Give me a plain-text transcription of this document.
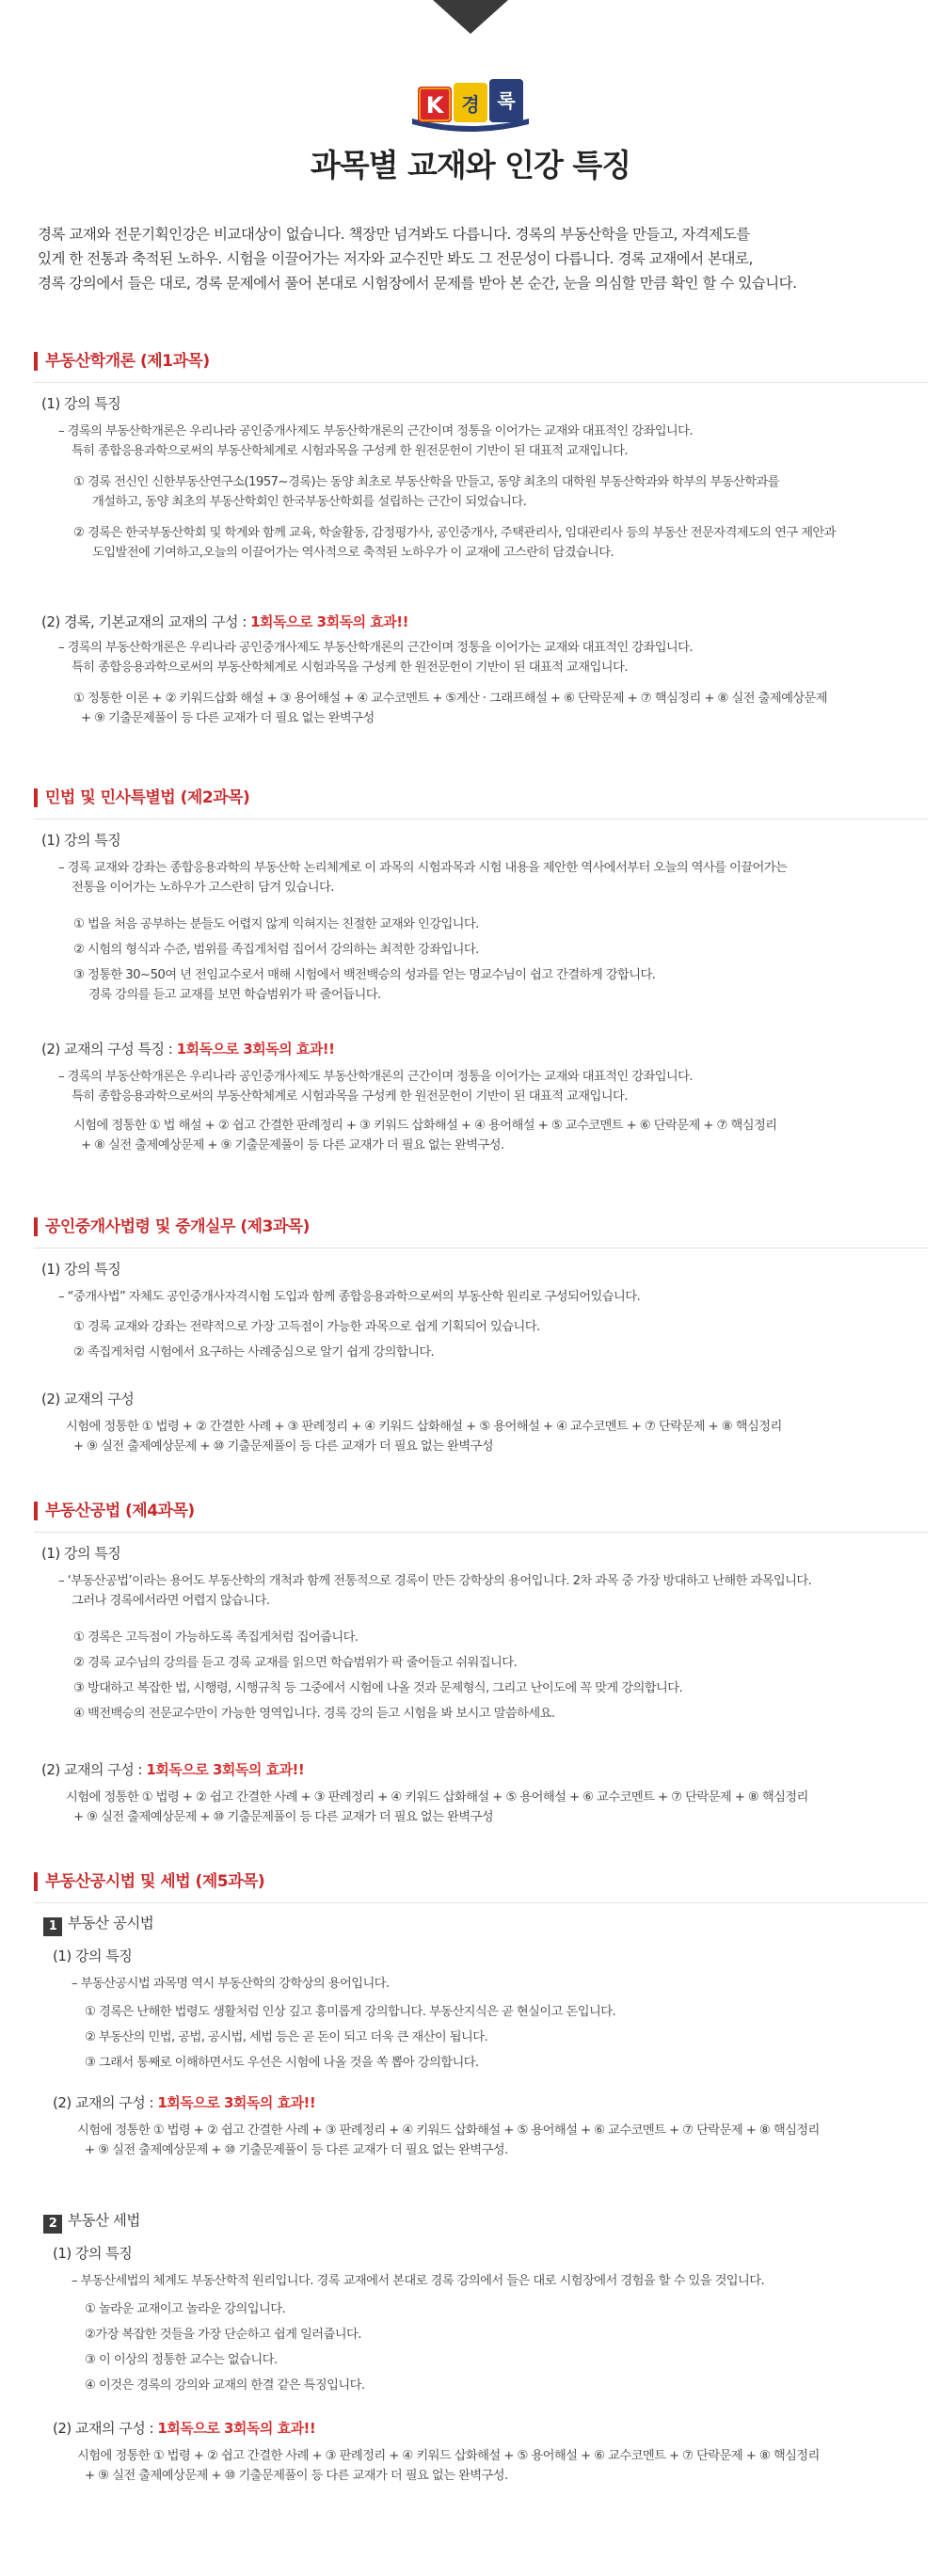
K 경 록
과목별 교재와 인강 특징

경록 교재와 전문기획인강은 비교대상이 없습니다. 책장만 넘겨봐도 다릅니다. 경록의 부동산학을 만들고, 자격제도를

있게 한 전통과 축적된 노하우. 시험을 이끌어가는 저자와 교수진만 봐도 그 전문성이 다릅니다. 경록 교재에서 본대로,

경록 강의에서 들은 대로, 경록 문제에서 풀어 본대로 시험장에서 문제를 받아 본 순간, 눈을 의심할 만큼 확인 할 수 있습니다.

부동산학개론 (제1과목)
(1) 강의 특징
– 경록의 부동산학개론은 우리나라 공인중개사제도 부동산학개론의 근간이며 정통을 이어가는 교재와 대표적인 강좌입니다.
특히 종합응용과학으로써의 부동산학체계로 시험과목을 구성케 한 원전문헌이 기반이 된 대표적 교재입니다.
① 경록 전신인 신한부동산연구소(1957~경록)는 동양 최초로 부동산학을 만들고, 동양 최초의 대학원 부동산학과와 학부의 부동산학과를
개설하고, 동양 최초의 부동산학회인 한국부동산학회를 설립하는 근간이 되었습니다.
② 경록은 한국부동산학회 및 학계와 함께 교육, 학술활동, 감정평가사, 공인중개사, 주택관리사, 임대관리사 등의 부동산 전문자격제도의 연구 제안과
도입발전에 기여하고,오늘의 이끌어가는 역사적으로 축적된 노하우가 이 교재에 고스란히 담겼습니다.
(2) 경록, 기본교재의 교재의 구성 : 1회독으로 3회독의 효과!!
– 경록의 부동산학개론은 우리나라 공인중개사제도 부동산학개론의 근간이며 정통을 이어가는 교재와 대표적인 강좌입니다.
특히 종합응용과학으로써의 부동산학체계로 시험과목을 구성케 한 원전문헌이 기반이 된 대표적 교재입니다.
① 정통한 이론 + ② 키워드삽화 해설 + ③ 용어해설 + ④ 교수코멘트 + ⑤계산 · 그래프해설 + ⑥ 단락문제 + ⑦ 핵심정리 + ⑧ 실전 출제예상문제
+ ⑨ 기출문제풀이 등 다른 교재가 더 필요 없는 완벽구성
민법 및 민사특별법 (제2과목)
(1) 강의 특징
– 경록 교재와 강좌는 종합응용과학의 부동산학 논리체계로 이 과목의 시험과목과 시험 내용을 제안한 역사에서부터 오늘의 역사를 이끌어가는
전통을 이어가는 노하우가 고스란히 담겨 있습니다.
① 법을 처음 공부하는 분들도 어렵지 않게 익혀지는 친절한 교재와 인강입니다.
② 시험의 형식과 수준, 범위를 족집게처럼 집어서 강의하는 최적한 강좌입니다.
③ 정통한 30~50여 년 전임교수로서 매해 시험에서 백전백승의 성과를 얻는 명교수님이 쉽고 간결하게 강합니다.
경록 강의를 듣고 교재를 보면 학습범위가 팍 줄어듭니다.
(2) 교재의 구성 특징 : 1회독으로 3회독의 효과!!
– 경록의 부동산학개론은 우리나라 공인중개사제도 부동산학개론의 근간이며 정통을 이어가는 교재와 대표적인 강좌입니다.
특히 종합응용과학으로써의 부동산학체계로 시험과목을 구성케 한 원전문헌이 기반이 된 대표적 교재입니다.
시험에 정통한 ① 법 해설 + ② 쉽고 간결한 판례정리 + ③ 키워드 삽화해설 + ④ 용어해설 + ⑤ 교수코멘트 + ⑥ 단락문제 + ⑦ 핵심정리
+ ⑧ 실전 출제예상문제 + ⑨ 기출문제풀이 등 다른 교재가 더 필요 없는 완벽구성.
공인중개사법령 및 중개실무 (제3과목)
(1) 강의 특징
– “중개사법” 자체도 공인중개사자격시험 도입과 함께 종합응용과학으로써의 부동산학 원리로 구성되어있습니다.
① 경록 교재와 강좌는 전략적으로 가장 고득점이 가능한 과목으로 쉽게 기획되어 있습니다.
② 족집게처럼 시험에서 요구하는 사례중심으로 알기 쉽게 강의합니다.
(2) 교재의 구성
시험에 정통한 ① 법령 + ② 간결한 사례 + ③ 판례정리 + ④ 키워드 삽화해설 + ⑤ 용어해설 + ④ 교수코멘트 + ⑦ 단락문제 + ⑧ 핵심정리
+ ⑨ 실전 출제예상문제 + ⑩ 기출문제풀이 등 다른 교재가 더 필요 없는 완벽구성
부동산공법 (제4과목)
(1) 강의 특징
– ‘부동산공법’이라는 용어도 부동산학의 개척과 함께 전통적으로 경록이 만든 강학상의 용어입니다. 2차 과목 중 가장 방대하고 난해한 과목입니다.
그러나 경록에서라면 어렵지 않습니다.
① 경록은 고득점이 가능하도록 족집게처럼 집어줍니다.
② 경록 교수님의 강의를 듣고 경록 교재를 읽으면 학습범위가 팍 줄어들고 쉬워집니다.
③ 방대하고 복잡한 법, 시행령, 시행규칙 등 그중에서 시험에 나올 것과 문제형식, 그리고 난이도에 꼭 맞게 강의합니다.
④ 백전백승의 전문교수만이 가능한 영역입니다. 경록 강의 듣고 시험을 봐 보시고 말씀하세요.
(2) 교재의 구성 : 1회독으로 3회독의 효과!!
시험에 정통한 ① 법령 + ② 쉽고 간결한 사례 + ③ 판례정리 + ④ 키워드 삽화해설 + ⑤ 용어해설 + ⑥ 교수코멘트 + ⑦ 단락문제 + ⑧ 핵심정리
+ ⑨ 실전 출제예상문제 + ⑩ 기출문제풀이 등 다른 교재가 더 필요 없는 완벽구성
부동산공시법 및 세법 (제5과목)
1 부동산 공시법
(1) 강의 특징
– 부동산공시법 과목명 역시 부동산학의 강학상의 용어입니다.
① 경록은 난해한 법령도 생활처럼 인상 깊고 흥미롭게 강의합니다. 부동산지식은 곧 현실이고 돈입니다.
② 부동산의 민법, 공법, 공시법, 세법 등은 곧 돈이 되고 더욱 큰 재산이 됩니다.
③ 그래서 통째로 이해하면서도 우선은 시험에 나올 것을 쏙 뽑아 강의합니다.
(2) 교재의 구성 : 1회독으로 3회독의 효과!!
시험에 정통한 ① 법령 + ② 쉽고 간결한 사례 + ③ 판례정리 + ④ 키워드 삽화해설 + ⑤ 용어해설 + ⑥ 교수코멘트 + ⑦ 단락문제 + ⑧ 핵심정리
+ ⑨ 실전 출제예상문제 + ⑩ 기출문제풀이 등 다른 교재가 더 필요 없는 완벽구성.
2 부동산 세법
(1) 강의 특징
– 부동산세법의 체계도 부동산학적 원리입니다. 경록 교재에서 본대로 경록 강의에서 들은 대로 시험장에서 경험을 할 수 있을 것입니다.
① 놀라운 교재이고 놀라운 강의입니다.
②가장 복잡한 것들을 가장 단순하고 쉽게 일러줍니다.
③ 이 이상의 정통한 교수는 없습니다.
④ 이것은 경록의 강의와 교재의 한결 같은 특징입니다.
(2) 교재의 구성 : 1회독으로 3회독의 효과!!
시험에 정통한 ① 법령 + ② 쉽고 간결한 사례 + ③ 판례정리 + ④ 키워드 삽화해설 + ⑤ 용어해설 + ⑥ 교수코멘트 + ⑦ 단락문제 + ⑧ 핵심정리
+ ⑨ 실전 출제예상문제 + ⑩ 기출문제풀이 등 다른 교재가 더 필요 없는 완벽구성.
